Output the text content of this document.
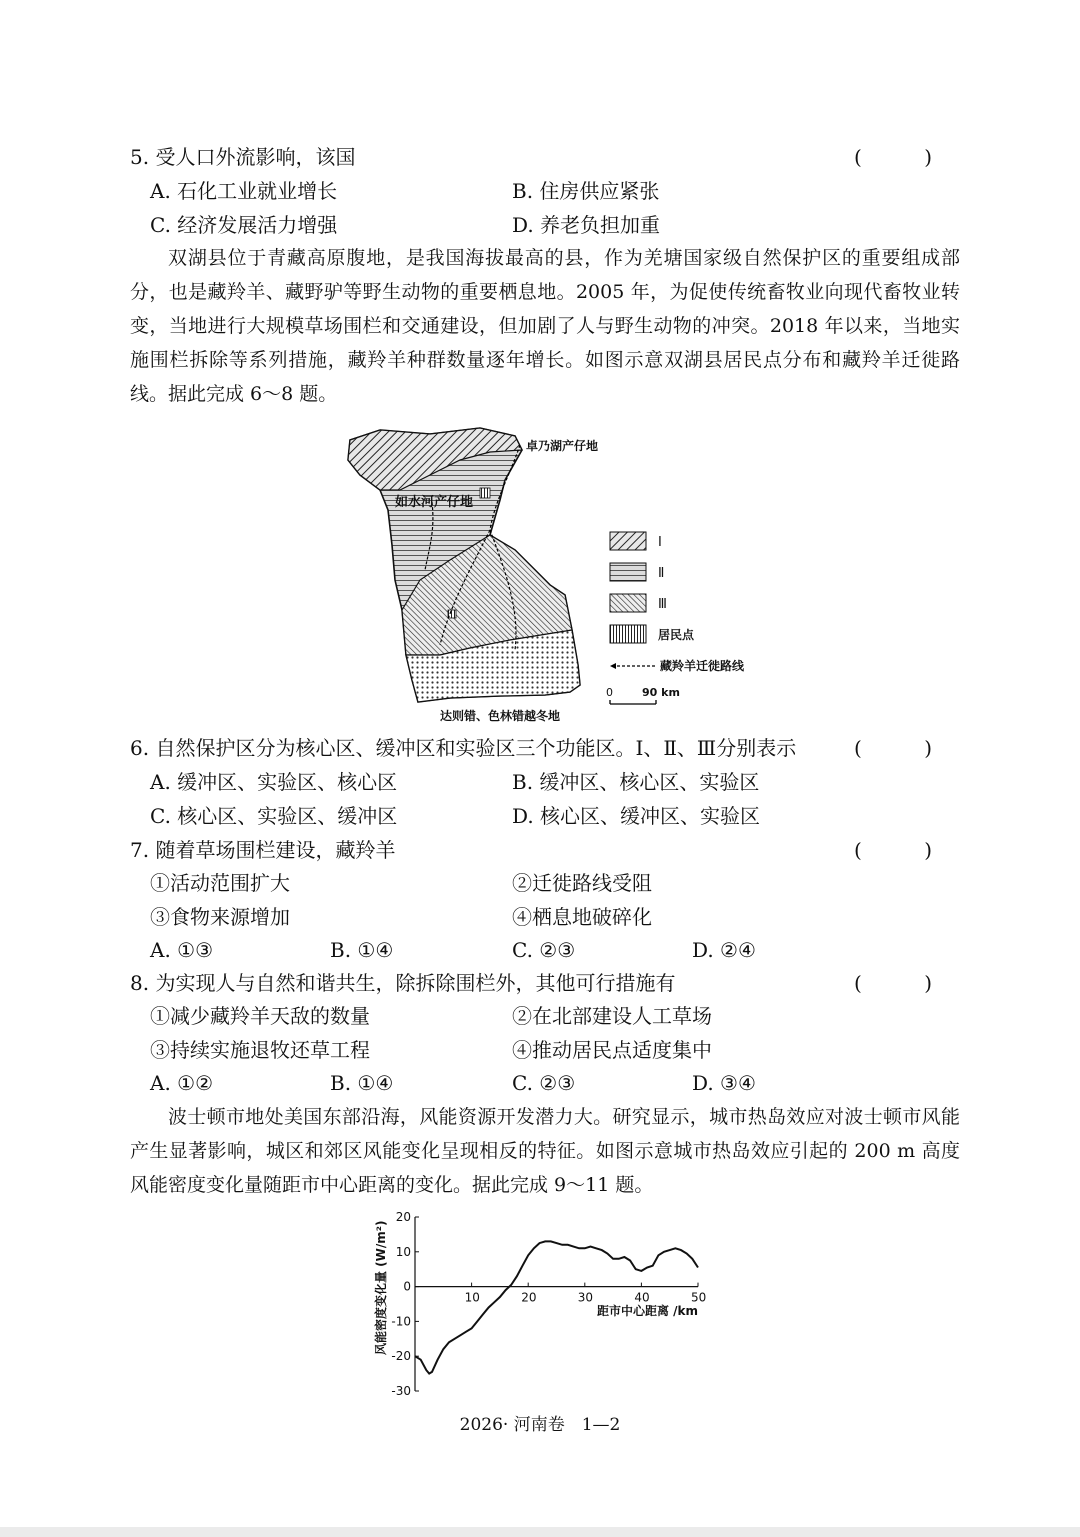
5. 受人口外流影响，该国	( )
A. 石化工业就业增长	B. 住房供应紧张
C. 经济发展活力增强	D. 养老负担加重
双湖县位于青藏高原腹地，是我国海拔最高的县，作为羌塘国家级自然保护区的重要组成部分，也是藏羚羊、藏野驴等野生动物的重要栖息地。2005 年，为促使传统畜牧业向现代畜牧业转变，当地进行大规模草场围栏和交通建设，但加剧了人与野生动物的冲突。2018 年以来，当地实施围栏拆除等系列措施，藏羚羊种群数量逐年增长。如图示意双湖县居民点分布和藏羚羊迁徙路线。据此完成 6～8 题。
卓乃湖产仔地
如水河产仔地
达则错、色林错越冬地
Ⅰ
Ⅱ
Ⅲ
居民点
藏羚羊迁徙路线
0	90 km
6. 自然保护区分为核心区、缓冲区和实验区三个功能区。Ⅰ、Ⅱ、Ⅲ分别表示	( )
A. 缓冲区、实验区、核心区	B. 缓冲区、核心区、实验区
C. 核心区、实验区、缓冲区	D. 核心区、缓冲区、实验区
7. 随着草场围栏建设，藏羚羊	( )
①活动范围扩大	②迁徙路线受阻
③食物来源增加	④栖息地破碎化
A. ①③	B. ①④	C. ②③	D. ②④
8. 为实现人与自然和谐共生，除拆除围栏外，其他可行措施有	( )
①减少藏羚羊天敌的数量	②在北部建设人工草场
③持续实施退牧还草工程	④推动居民点适度集中
A. ①②	B. ①④	C. ②③	D. ③④
波士顿市地处美国东部沿海，风能资源开发潜力大。研究显示，城市热岛效应对波士顿市风能产生显著影响，城区和郊区风能变化呈现相反的特征。如图示意城市热岛效应引起的 200 m 高度风能密度变化量随距市中心距离的变化。据此完成 9～11 题。
10	20	30	40	50
20
10
0
-10
-20
-30
距市中心距离 /km
风能密度变化量 (W/m²)
2026· 河南卷　1—2
